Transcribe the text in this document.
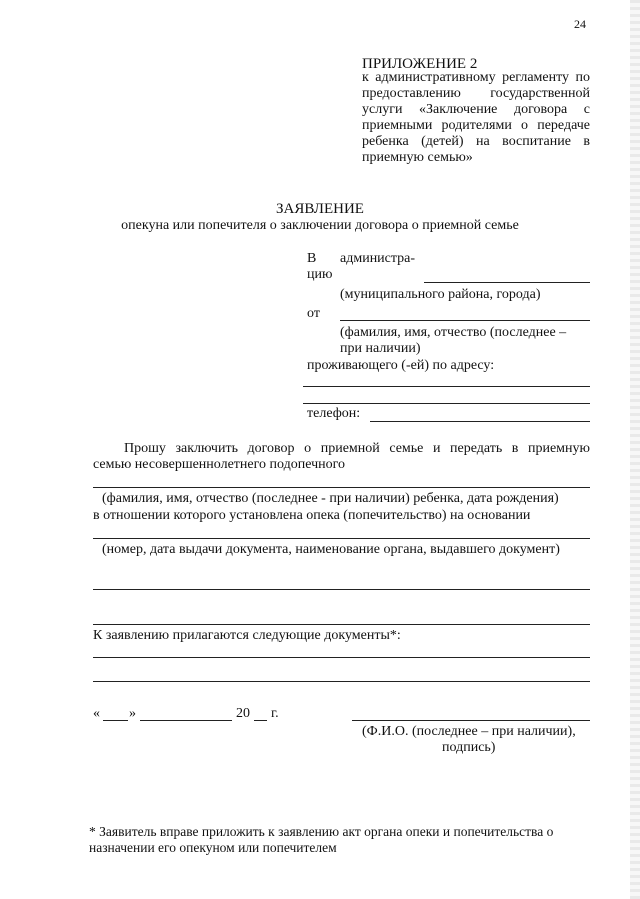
24
ПРИЛОЖЕНИЕ 2
к административному регламенту по
предоставлению государственной
услуги «Заключение договора с
приемными родителями о передаче
ребенка (детей) на воспитание в
приемную семью»
ЗАЯВЛЕНИЕ
опекуна или попечителя о заключении договора о приемной семье
В администра-
цию
(муниципального района, города)
от
(фамилия, имя, отчество (последнее –
при наличии)
проживающего (-ей) по адресу:
телефон:
Прошу заключить договор о приемной семье и передать в приемную
семью несовершеннолетнего подопечного
(фамилия, имя, отчество (последнее - при наличии) ребенка, дата рождения)
в отношении которого установлена опека (попечительство) на основании
(номер, дата выдачи документа, наименование органа, выдавшего документ)
К заявлению прилагаются следующие документы*:
« »	20 г.
(Ф.И.О. (последнее – при наличии),
подпись)
* Заявитель вправе приложить к заявлению акт органа опеки и попечительства о
назначении его опекуном или попечителем
